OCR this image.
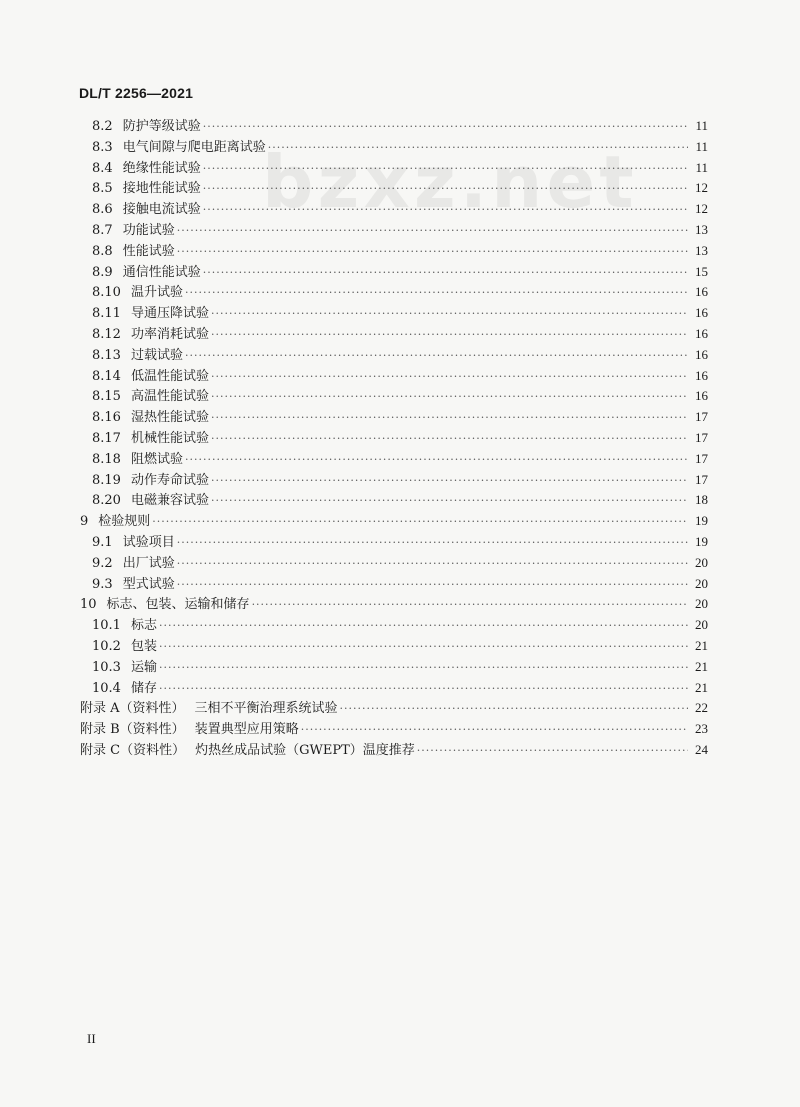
bzxz.net
DL/T 2256—2021
8.2 防护等级试验 ·····	11
8.3 电气间隙与爬电距离试验 ·····	11
8.4 绝缘性能试验 ·····	11
8.5 接地性能试验 ·····	12
8.6 接触电流试验 ·····	12
8.7 功能试验 ·····	13
8.8 性能试验 ·····	13
8.9 通信性能试验 ·····	15
8.10 温升试验 ·····	16
8.11 导通压降试验 ·····	16
8.12 功率消耗试验 ·····	16
8.13 过载试验 ·····	16
8.14 低温性能试验 ·····	16
8.15 高温性能试验 ·····	16
8.16 湿热性能试验 ·····	17
8.17 机械性能试验 ·····	17
8.18 阻燃试验 ·····	17
8.19 动作寿命试验 ·····	17
8.20 电磁兼容试验 ·····	18
9 检验规则 ·····	19
9.1 试验项目 ·····	19
9.2 出厂试验 ·····	20
9.3 型式试验 ·····	20
10 标志、包装、运输和储存 ·····	20
10.1 标志 ·····	20
10.2 包装 ·····	21
10.3 运输 ·····	21
10.4 储存 ·····	21
附录 A（资料性） 三相不平衡治理系统试验 ·····	22
附录 B（资料性） 装置典型应用策略 ·····	23
附录 C（资料性） 灼热丝成品试验（GWEPT）温度推荐 ·····	24
II
